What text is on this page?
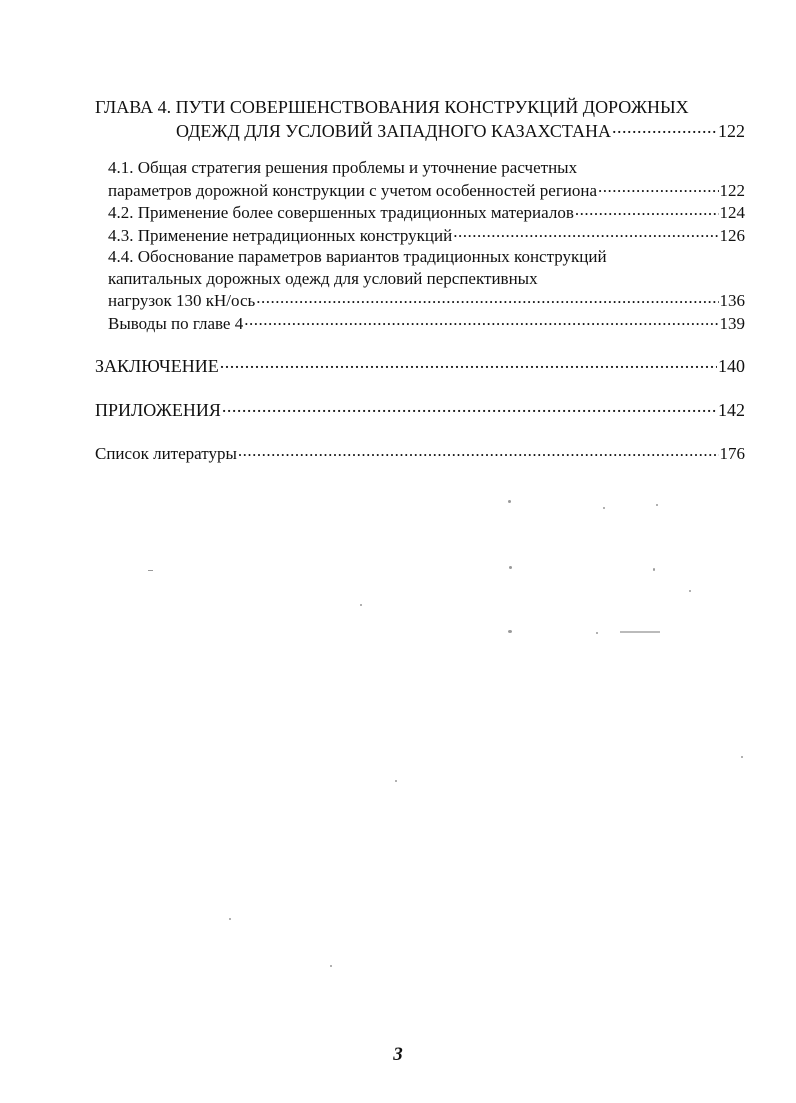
ГЛАВА 4. ПУТИ СОВЕРШЕНСТВОВАНИЯ КОНСТРУКЦИЙ ДОРОЖНЫХ
ОДЕЖД ДЛЯ УСЛОВИЙ ЗАПАДНОГО КАЗАХСТАНА .....	122
4.1. Общая стратегия решения проблемы и уточнение расчетных
параметров дорожной конструкции с учетом особенностей региона .....	122
4.2. Применение более совершенных традиционных материалов .....	124
4.3. Применение нетрадиционных конструкций .....	126
4.4. Обоснование параметров вариантов традиционных конструкций
капитальных дорожных одежд для условий перспективных
нагрузок 130 кН/ось .....	136
Выводы по главе 4 .....	139
ЗАКЛЮЧЕНИЕ .....	140
ПРИЛОЖЕНИЯ .....	142
Список литературы .....	176
3
